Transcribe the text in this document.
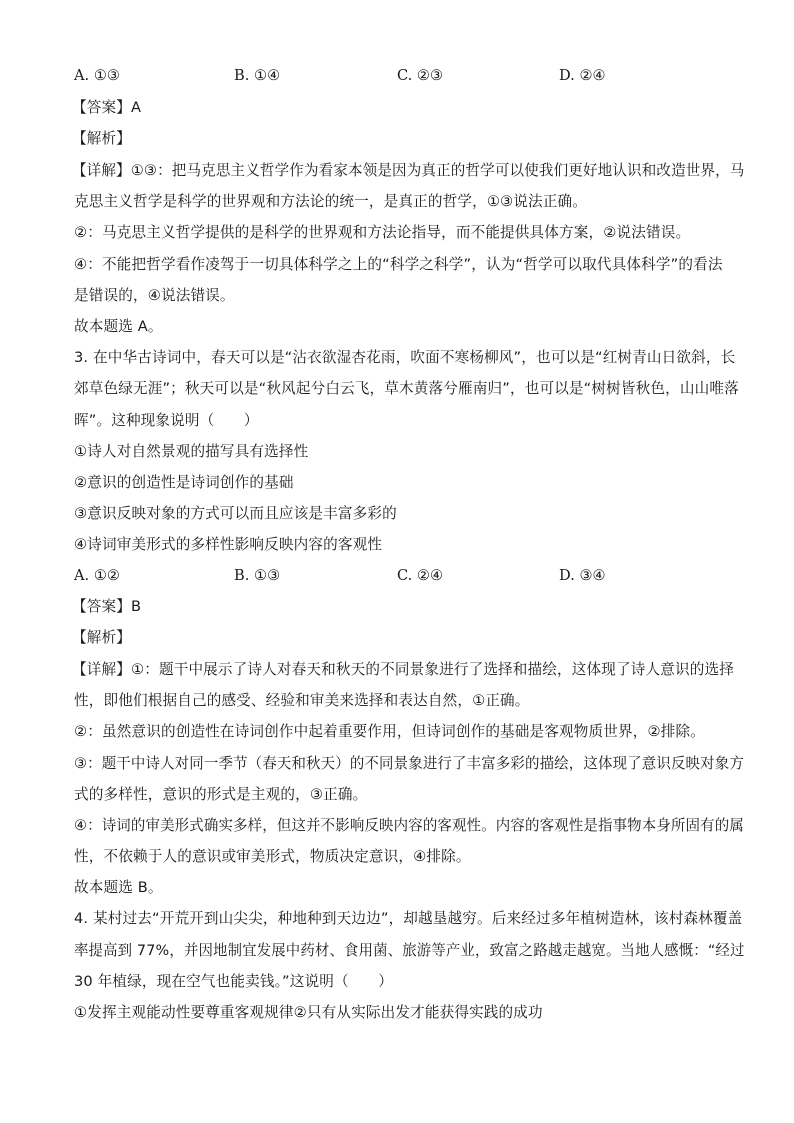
A. ①③	B. ①④	C. ②③	D. ②④
【答案】A
【解析】
【详解】①③：把马克思主义哲学作为看家本领是因为真正的哲学可以使我们更好地认识和改造世界，马
克思主义哲学是科学的世界观和方法论的统一，是真正的哲学，①③说法正确。
②：马克思主义哲学提供的是科学的世界观和方法论指导，而不能提供具体方案，②说法错误。
④：不能把哲学看作凌驾于一切具体科学之上的“科学之科学”，认为“哲学可以取代具体科学”的看法
是错误的，④说法错误。
故本题选 A。
3. 在中华古诗词中，春天可以是“沾衣欲湿杏花雨，吹面不寒杨柳风”，也可以是“红树青山日欲斜，长
郊草色绿无涯”；秋天可以是“秋风起兮白云飞，草木黄落兮雁南归”，也可以是“树树皆秋色，山山唯落
晖”。这种现象说明（　　）
①诗人对自然景观的描写具有选择性
②意识的创造性是诗词创作的基础
③意识反映对象的方式可以而且应该是丰富多彩的
④诗词审美形式的多样性影响反映内容的客观性
A. ①②	B. ①③	C. ②④	D. ③④
【答案】B
【解析】
【详解】①：题干中展示了诗人对春天和秋天的不同景象进行了选择和描绘，这体现了诗人意识的选择
性，即他们根据自己的感受、经验和审美来选择和表达自然，①正确。
②：虽然意识的创造性在诗词创作中起着重要作用，但诗词创作的基础是客观物质世界，②排除。
③：题干中诗人对同一季节（春天和秋天）的不同景象进行了丰富多彩的描绘，这体现了意识反映对象方
式的多样性，意识的形式是主观的，③正确。
④：诗词的审美形式确实多样，但这并不影响反映内容的客观性。内容的客观性是指事物本身所固有的属
性，不依赖于人的意识或审美形式，物质决定意识，④排除。
故本题选 B。
4. 某村过去“开荒开到山尖尖，种地种到天边边”，却越垦越穷。后来经过多年植树造林，该村森林覆盖
率提高到 77%，并因地制宜发展中药材、食用菌、旅游等产业，致富之路越走越宽。当地人感慨：“经过
30 年植绿，现在空气也能卖钱。”这说明（　　）
①发挥主观能动性要尊重客观规律②只有从实际出发才能获得实践的成功
